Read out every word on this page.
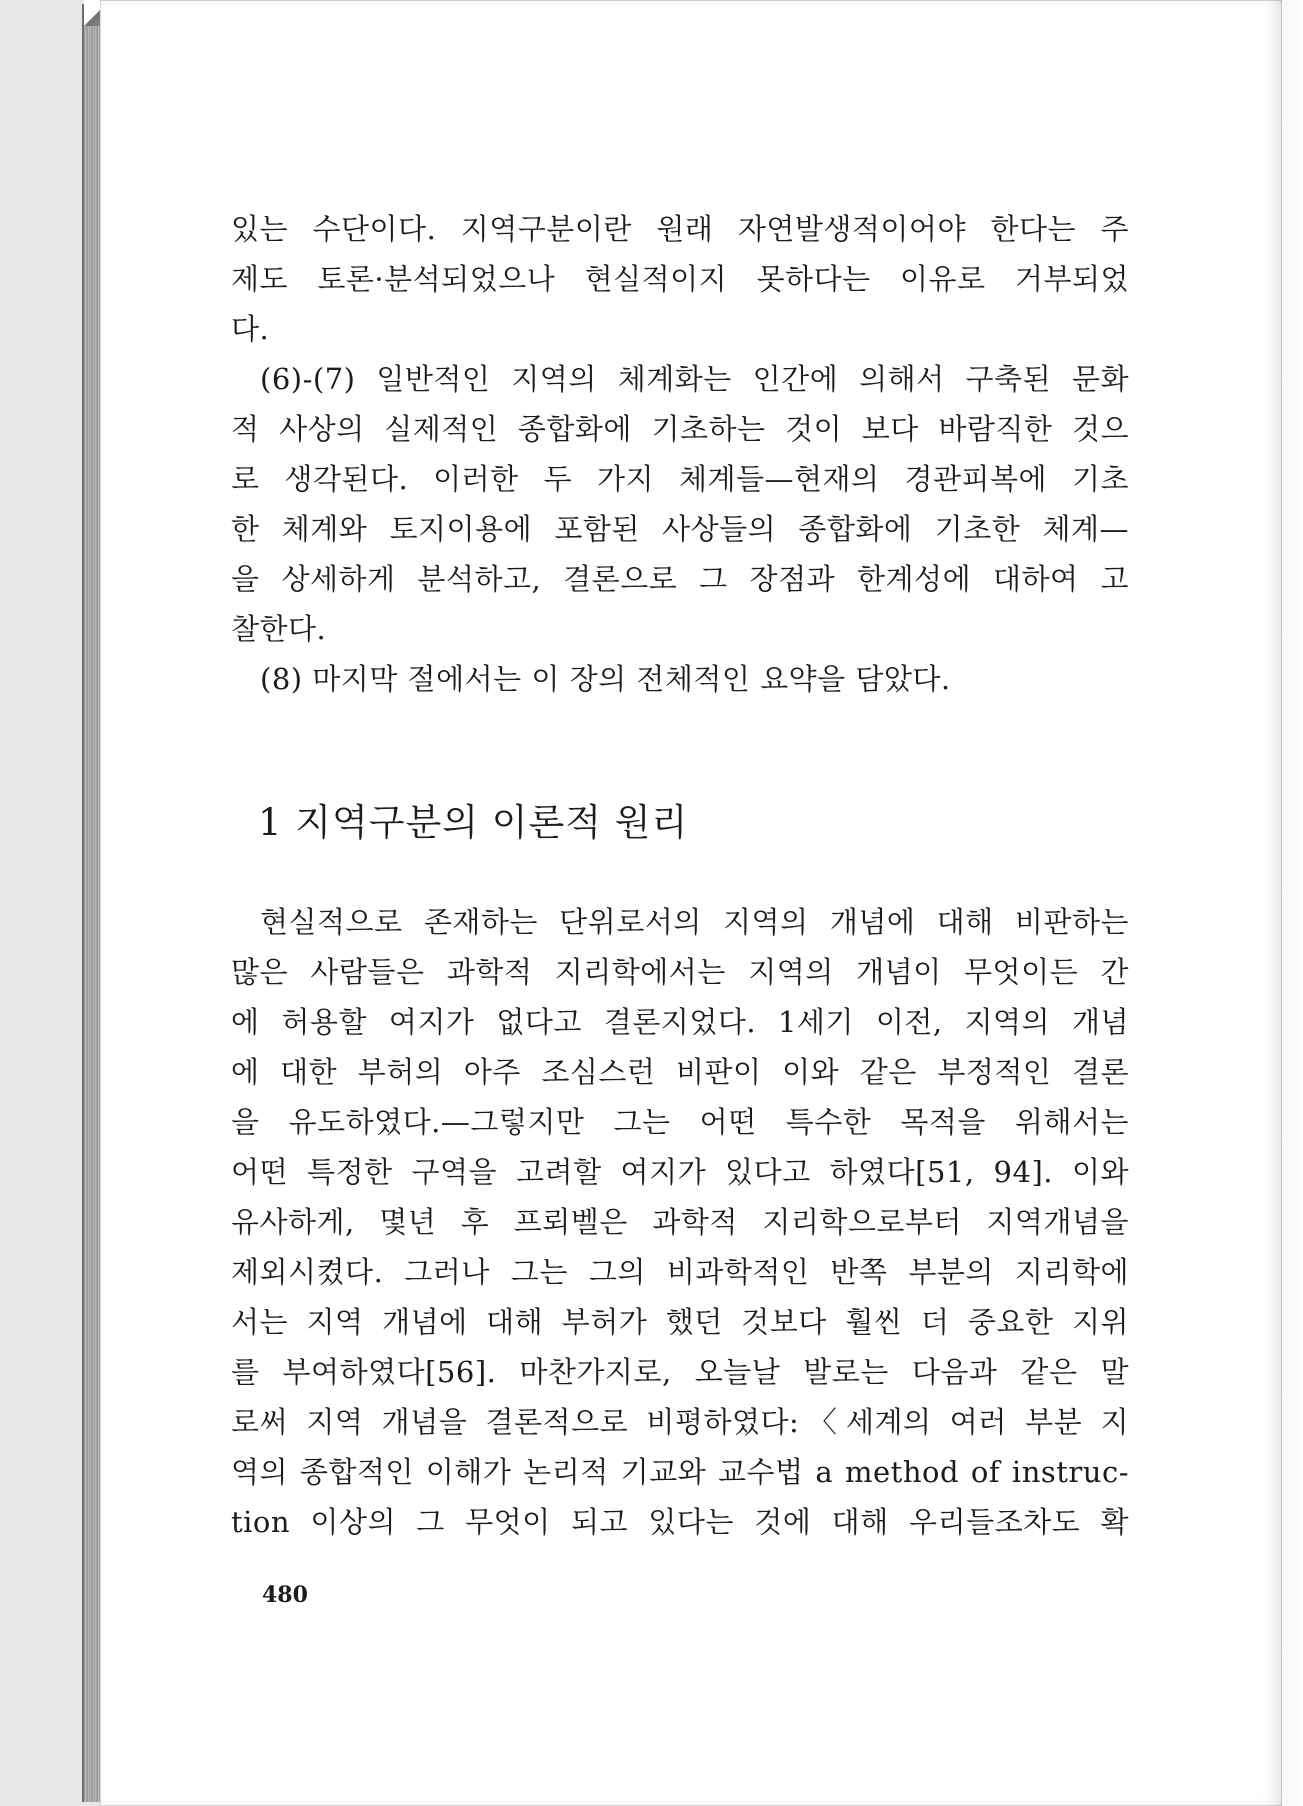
있는 수단이다. 지역구분이란 원래 자연발생적이어야 한다는 주
제도 토론·분석되었으나 현실적이지 못하다는 이유로 거부되었
다.
(6)-(7) 일반적인 지역의 체계화는 인간에 의해서 구축된 문화
적 사상의 실제적인 종합화에 기초하는 것이 보다 바람직한 것으
로 생각된다. 이러한 두 가지 체계들—현재의 경관피복에 기초
한 체계와 토지이용에 포함된 사상들의 종합화에 기초한 체계—
을 상세하게 분석하고, 결론으로 그 장점과 한계성에 대하여 고
찰한다.
(8) 마지막 절에서는 이 장의 전체적인 요약을 담았다.
1 지역구분의 이론적 원리
현실적으로 존재하는 단위로서의 지역의 개념에 대해 비판하는
많은 사람들은 과학적 지리학에서는 지역의 개념이 무엇이든 간
에 허용할 여지가 없다고 결론지었다. 1세기 이전, 지역의 개념
에 대한 부허의 아주 조심스런 비판이 이와 같은 부정적인 결론
을 유도하였다.—그렇지만 그는 어떤 특수한 목적을 위해서는
어떤 특정한 구역을 고려할 여지가 있다고 하였다[51, 94]. 이와
유사하게, 몇년 후 프뢰벨은 과학적 지리학으로부터 지역개념을
제외시켰다. 그러나 그는 그의 비과학적인 반쪽 부분의 지리학에
서는 지역 개념에 대해 부허가 했던 것보다 훨씬 더 중요한 지위
를 부여하였다[56]. 마찬가지로, 오늘날 발로는 다음과 같은 말
로써 지역 개념을 결론적으로 비평하였다:〈세계의 여러 부분 지
역의 종합적인 이해가 논리적 기교와 교수법 a method of instruc-
tion 이상의 그 무엇이 되고 있다는 것에 대해 우리들조차도 확
480
